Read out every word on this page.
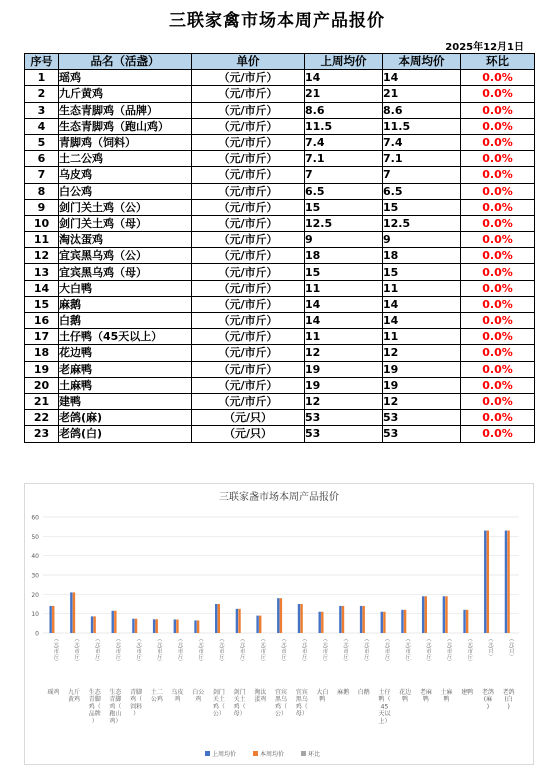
三联家禽市场本周产品报价
2025年12月1日
序号	品名（活盏）	单价	上周均价	本周均价	环比
1	瑶鸡	（元/市斤）	14	14	0.0%
2	九斤黄鸡	（元/市斤）	21	21	0.0%
3	生态青脚鸡（品牌）	（元/市斤）	8.6	8.6	0.0%
4	生态青脚鸡（跑山鸡）	（元/市斤）	11.5	11.5	0.0%
5	青脚鸡（饲料）	（元/市斤）	7.4	7.4	0.0%
6	土二公鸡	（元/市斤）	7.1	7.1	0.0%
7	乌皮鸡	（元/市斤）	7	7	0.0%
8	白公鸡	（元/市斤）	6.5	6.5	0.0%
9	剑门关土鸡（公）	（元/市斤）	15	15	0.0%
10	剑门关土鸡（母）	（元/市斤）	12.5	12.5	0.0%
11	淘汰蛋鸡	（元/市斤）	9	9	0.0%
12	宜宾黑乌鸡（公）	（元/市斤）	18	18	0.0%
13	宜宾黑乌鸡（母）	（元/市斤）	15	15	0.0%
14	大白鸭	（元/市斤）	11	11	0.0%
15	麻鹅	（元/市斤）	14	14	0.0%
16	白鹅	（元/市斤）	14	14	0.0%
17	土仔鸭（45天以上）	（元/市斤）	11	11	0.0%
18	花边鸭	（元/市斤）	12	12	0.0%
19	老麻鸭	（元/市斤）	19	19	0.0%
20	土麻鸭	（元/市斤）	19	19	0.0%
21	建鸭	（元/市斤）	12	12	0.0%
22	老鸽(麻)	（元/只）	53	53	0.0%
23	老鸽(白)	（元/只）	53	53	0.0%
三联家盏市场本周产品报价
0
10
20
30
40
50
60
（元/市斤）
瑶鸡
（元/市斤）
九斤黄鸡
（元/市斤）
生态青脚鸡（品牌）
（元/市斤）
生态青脚鸡（跑山鸡）
（元/市斤）
青脚鸡（饲料）
（元/市斤）
土二公鸡
（元/市斤）
乌皮鸡
（元/市斤）
白公鸡
（元/市斤）
剑门关土鸡（公）
（元/市斤）
剑门关土鸡（母）
（元/市斤）
淘汰蛋鸡
（元/市斤）
宜宾黑乌鸡（公）
（元/市斤）
宜宾黑乌鸡（母）
（元/市斤）
大白鸭
（元/市斤）
麻鹅
（元/市斤）
白鹅
（元/市斤）
土仔鸭（ 45 天以上）
（元/市斤）
花边鸭
（元/市斤）
老麻鸭
（元/市斤）
土麻鸭
（元/市斤）
建鸭
（元/只）
老鸽(麻)
（元/只）
老鸽(白)
上周均价	本周均价	环比
